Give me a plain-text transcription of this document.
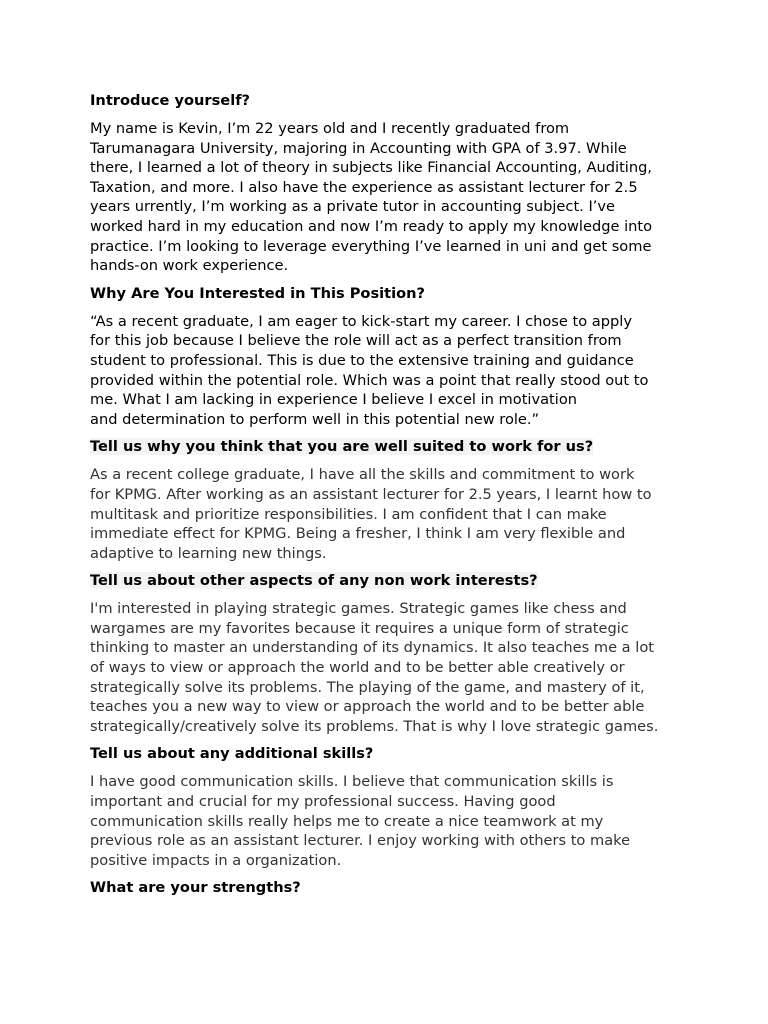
Introduce yourself?
My name is Kevin, I’m 22 years old and I recently graduated from
Tarumanagara University, majoring in Accounting with GPA of 3.97. While
there, I learned a lot of theory in subjects like Financial Accounting, Auditing,
Taxation, and more. I also have the experience as assistant lecturer for 2.5
years urrently, I’m working as a private tutor in accounting subject. I’ve
worked hard in my education and now I’m ready to apply my knowledge into
practice. I’m looking to leverage everything I’ve learned in uni and get some
hands-on work experience.
Why Are You Interested in This Position?
“As a recent graduate, I am eager to kick-start my career. I chose to apply
for this job because I believe the role will act as a perfect transition from
student to professional. This is due to the extensive training and guidance
provided within the potential role. Which was a point that really stood out to
me. What I am lacking in experience I believe I excel in motivation
and determination to perform well in this potential new role.”
Tell us why you think that you are well suited to work for us?
As a recent college graduate, I have all the skills and commitment to work
for KPMG. After working as an assistant lecturer for 2.5 years, I learnt how to
multitask and prioritize responsibilities. I am confident that I can make
immediate effect for KPMG. Being a fresher, I think I am very flexible and
adaptive to learning new things.
Tell us about other aspects of any non work interests?
I'm interested in playing strategic games. Strategic games like chess and
wargames are my favorites because it requires a unique form of strategic
thinking to master an understanding of its dynamics. It also teaches me a lot
of ways to view or approach the world and to be better able creatively or
strategically solve its problems. The playing of the game, and mastery of it,
teaches you a new way to view or approach the world and to be better able
strategically/creatively solve its problems. That is why I love strategic games.
Tell us about any additional skills?
I have good communication skills. I believe that communication skills is
important and crucial for my professional success. Having good
communication skills really helps me to create a nice teamwork at my
previous role as an assistant lecturer. I enjoy working with others to make
positive impacts in a organization.
What are your strengths?
